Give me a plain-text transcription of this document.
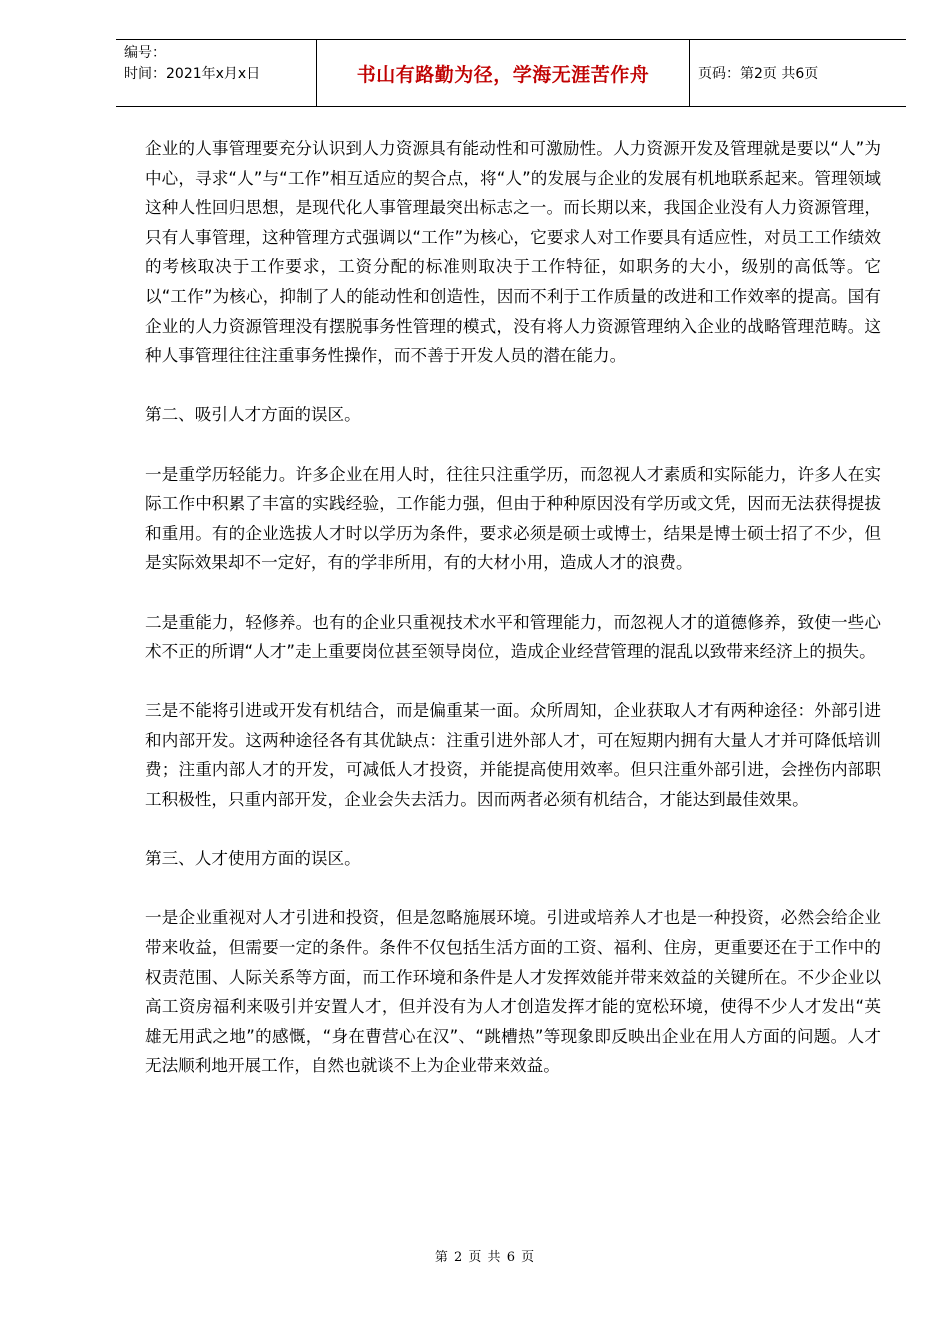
编号：
时间：2021年x月x日	书山有路勤为径，学海无涯苦作舟	页码：第2页 共6页

企业的人事管理要充分认识到人力资源具有能动性和可激励性。人力资源开发及管理就是要以“人”为中心，寻求“人”与“工作”相互适应的契合点，将“人”的发展与企业的发展有机地联系起来。管理领域这种人性回归思想，是现代化人事管理最突出标志之一。而长期以来，我国企业没有人力资源管理，只有人事管理，这种管理方式强调以“工作”为核心，它要求人对工作要具有适应性，对员工工作绩效的考核取决于工作要求，工资分配的标准则取决于工作特征，如职务的大小，级别的高低等。它以“工作”为核心，抑制了人的能动性和创造性，因而不利于工作质量的改进和工作效率的提高。国有企业的人力资源管理没有摆脱事务性管理的模式，没有将人力资源管理纳入企业的战略管理范畴。这种人事管理往往注重事务性操作，而不善于开发人员的潜在能力。

第二、吸引人才方面的误区。

一是重学历轻能力。许多企业在用人时，往往只注重学历，而忽视人才素质和实际能力，许多人在实际工作中积累了丰富的实践经验，工作能力强，但由于种种原因没有学历或文凭，因而无法获得提拔和重用。有的企业选拔人才时以学历为条件，要求必须是硕士或博士，结果是博士硕士招了不少，但是实际效果却不一定好，有的学非所用，有的大材小用，造成人才的浪费。

二是重能力，轻修养。也有的企业只重视技术水平和管理能力，而忽视人才的道德修养，致使一些心术不正的所谓“人才”走上重要岗位甚至领导岗位，造成企业经营管理的混乱以致带来经济上的损失。

三是不能将引进或开发有机结合，而是偏重某一面。众所周知，企业获取人才有两种途径：外部引进和内部开发。这两种途径各有其优缺点：注重引进外部人才，可在短期内拥有大量人才并可降低培训费；注重内部人才的开发，可减低人才投资，并能提高使用效率。但只注重外部引进，会挫伤内部职工积极性，只重内部开发，企业会失去活力。因而两者必须有机结合，才能达到最佳效果。

第三、人才使用方面的误区。

一是企业重视对人才引进和投资，但是忽略施展环境。引进或培养人才也是一种投资，必然会给企业带来收益，但需要一定的条件。条件不仅包括生活方面的工资、福利、住房，更重要还在于工作中的权责范围、人际关系等方面，而工作环境和条件是人才发挥效能并带来效益的关键所在。不少企业以高工资房福利来吸引并安置人才，但并没有为人才创造发挥才能的宽松环境，使得不少人才发出“英雄无用武之地”的感慨，“身在曹营心在汉”、“跳槽热”等现象即反映出企业在用人方面的问题。人才无法顺利地开展工作，自然也就谈不上为企业带来效益。

第 2 页 共 6 页
